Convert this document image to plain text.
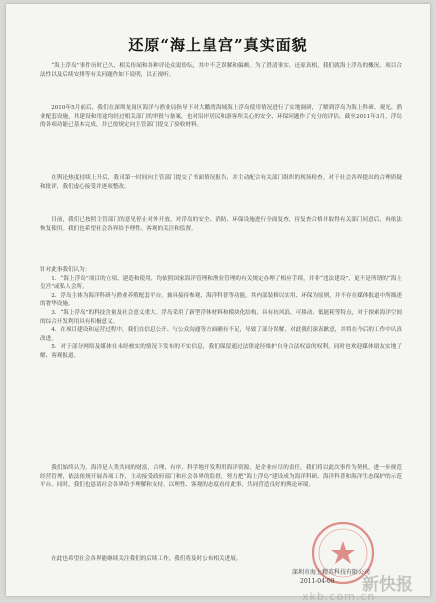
还原“海上皇宫”真实面貌

“海上浮岛”事件历时已久，相关传闻和各种评论众说纷纭，其中不乏误解和偏颇。为了澄清事实、还原真相，我们就海上浮岛的概况、项目合法性以及后续安排等有关问题作如下说明，以正视听。

2010年5月前后，我们在深圳龙岗区海洋与渔业局指导下对大鹏湾海域海上浮岛使用情况进行了实地调研，了解到浮岛为海上科研、观光、渔业配套设施，其建设和用途均经过相关部门的审批与备案，也对沿岸居民和游客所关心的安全、环保问题作了充分的评估。截至2011年3月，浮岛的各项功能已基本完成，并已按规定向主管部门提交了验收材料。

在舆论热度持续上升后，我司第一时间向主管部门提交了书面情况报告，并主动配合有关部门组织的现场检查。对于社会各界提出的合理质疑和批评，我们虚心接受并逐项整改。

目前，我们已按照主管部门的意见停止对外开放，对浮岛的安全、消防、环保设施进行全面复查，待复查合格并取得有关部门同意后，再依法恢复使用。我们也希望社会各界给予理性、客观的关注和监督。

针对此事我们认为：

1．“海上浮岛”项目的立项、建造和使用，均依照国家海洋管理和渔业管理的有关规定办理了相应手续，并非“违法建设”，更不是所谓的“海上皇宫”或私人会所。

2．浮岛主体为海洋科研与渔业养殖配套平台，兼具接待参观、海洋科普等功能，其内部装修以实用、环保为原则，并不存在媒体报道中所描述的奢华设施。

3．“海上浮岛”的科技含量及社会意义重大。浮岛采用了新型浮体材料和模块化结构，具有抗风浪、可移动、低能耗等特点，对于探索海洋空间的综合开发利用具有积极意义。

4．在项目建设和运营过程中，我们在信息公开、与公众沟通等方面确有不足，导致了部分误解，对此我们深表歉意，并将在今后的工作中认真改进。

5．对于部分网络及媒体在未经核实的情况下发布的不实信息，我们保留通过法律途径维护自身合法权益的权利，同时也欢迎媒体朋友实地了解、客观报道。

我们始终认为，海洋是人类共同的财富，合理、有序、科学地开发利用海洋资源，是企业应尽的责任。我们将以此次事件为契机，进一步规范经营管理，依法依规开展各项工作，主动接受政府部门和社会各界的监督，努力把“海上浮岛”建设成为海洋科研、海洋科普和海洋生态保护的示范平台。同时，我们也恳请社会各界给予理解和支持，以理性、客观的态度看待此事，共同营造良好的舆论环境。

在此也希望社会各界能继续关注我们的后续工作，我们将及时公布相关进展。

深圳市海上精英科技有限公司
2011-04-09 新快报
xkb.com.cn
